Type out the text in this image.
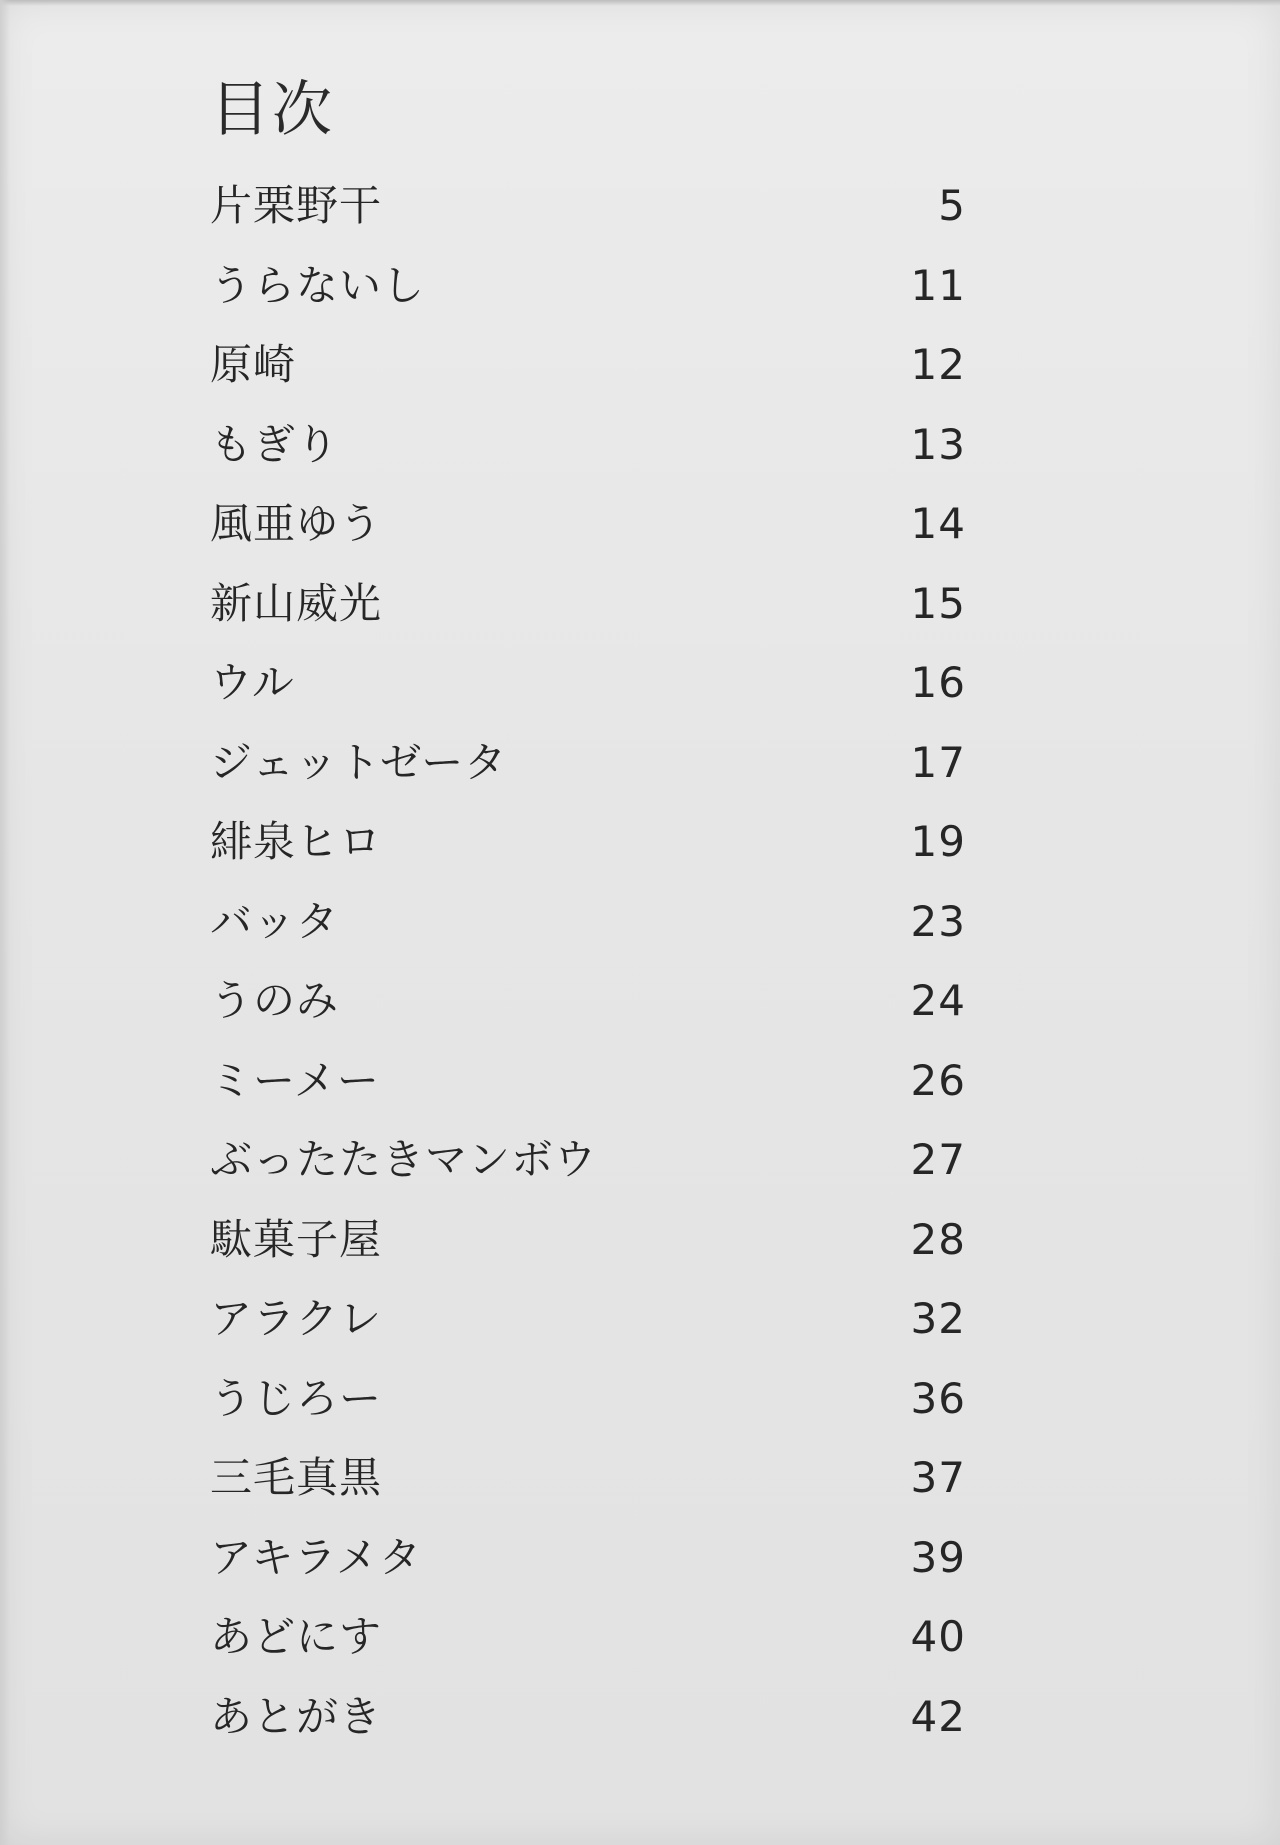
目次
片栗野干	5
うらないし	11
原崎	12
もぎり	13
風亜ゆう	14
新山威光	15
ウル	16
ジェットゼータ	17
緋泉ヒロ	19
バッタ	23
うのみ	24
ミーメー	26
ぶったたきマンボウ	27
駄菓子屋	28
アラクレ	32
うじろー	36
三毛真黒	37
アキラメタ	39
あどにす	40
あとがき	42
